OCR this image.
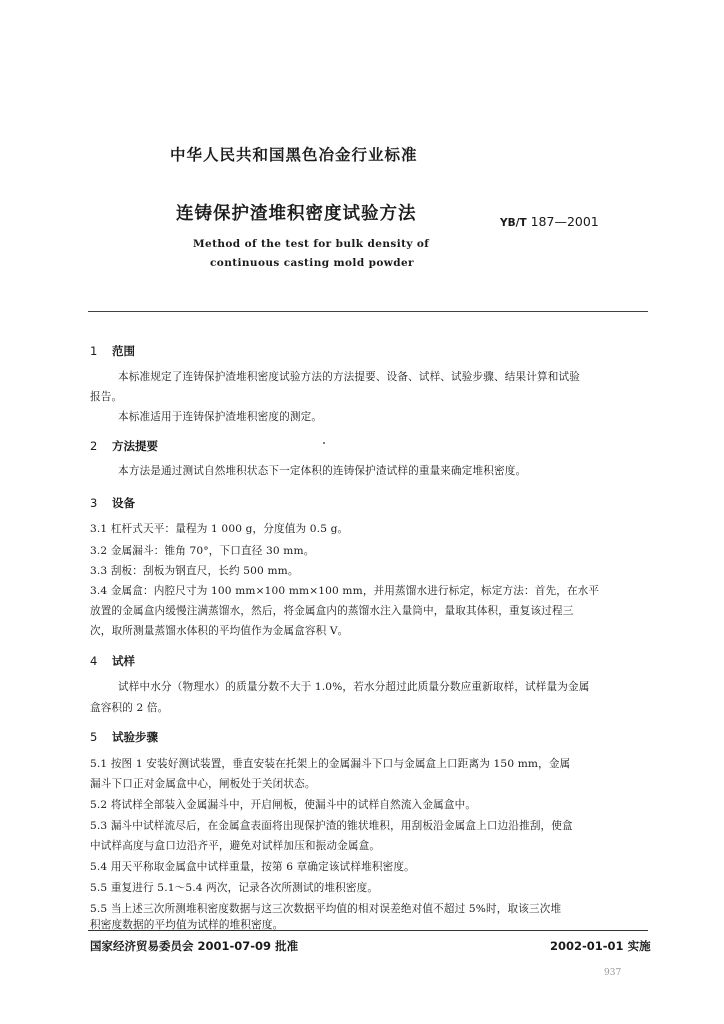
中华人民共和国黑色冶金行业标准
连铸保护渣堆积密度试验方法	YB/T 187—2001
Method of the test for bulk density of
continuous casting mold powder
1 范围
本标准规定了连铸保护渣堆积密度试验方法的方法提要、设备、试样、试验步骤、结果计算和试验
报告。
本标准适用于连铸保护渣堆积密度的测定。
2 方法提要
本方法是通过测试自然堆积状态下一定体积的连铸保护渣试样的重量来确定堆积密度。
3 设备
3.1 杠杆式天平：量程为 1 000 g，分度值为 0.5 g。
3.2 金属漏斗：锥角 70°，下口直径 30 mm。
3.3 刮板：刮板为钢直尺，长约 500 mm。
3.4 金属盒：内腔尺寸为 100 mm×100 mm×100 mm，并用蒸馏水进行标定，标定方法：首先，在水平
放置的金属盒内缓慢注满蒸馏水，然后，将金属盒内的蒸馏水注入量筒中，量取其体积，重复该过程三
次，取所测量蒸馏水体积的平均值作为金属盒容积 V。
4 试样
试样中水分（物理水）的质量分数不大于 1.0%，若水分超过此质量分数应重新取样，试样量为金属
盒容积的 2 倍。
5 试验步骤
5.1 按图 1 安装好测试装置，垂直安装在托架上的金属漏斗下口与金属盒上口距离为 150 mm，金属
漏斗下口正对金属盒中心，闸板处于关闭状态。
5.2 将试样全部装入金属漏斗中，开启闸板，使漏斗中的试样自然流入金属盒中。
5.3 漏斗中试样流尽后，在金属盒表面将出现保护渣的锥状堆积，用刮板沿金属盒上口边沿推刮，使盒
中试样高度与盒口边沿齐平，避免对试样加压和振动金属盒。
5.4 用天平称取金属盒中试样重量，按第 6 章确定该试样堆积密度。
5.5 重复进行 5.1～5.4 两次，记录各次所测试的堆积密度。
5.5 当上述三次所测堆积密度数据与这三次数据平均值的相对误差绝对值不超过 5%时，取该三次堆
积密度数据的平均值为试样的堆积密度。
国家经济贸易委员会 2001-07-09 批准	2002-01-01 实施
937
